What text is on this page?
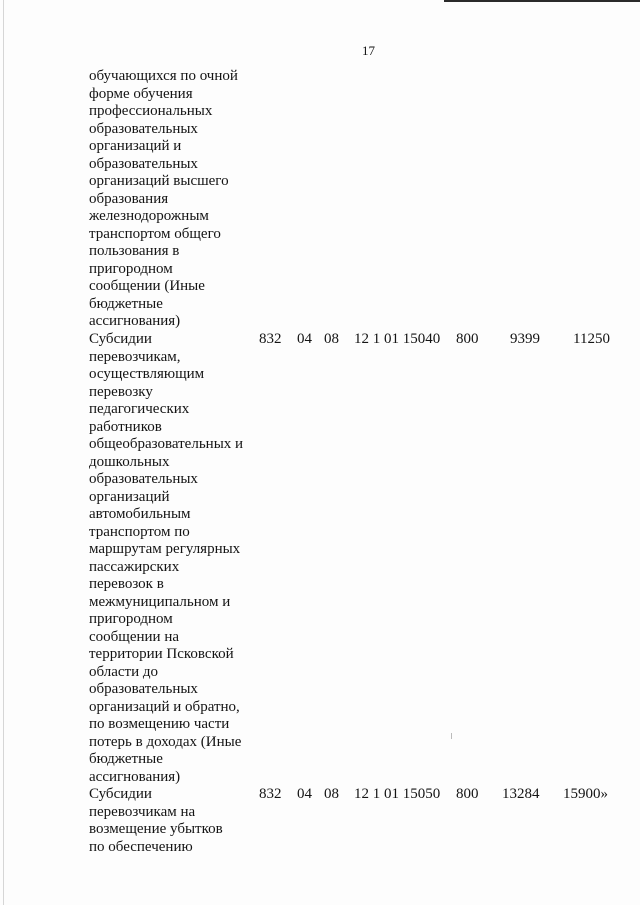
17
обучающихся по очной
форме обучения
профессиональных
образовательных
организаций и
образовательных
организаций высшего
образования
железнодорожным
транспортом общего
пользования в
пригородном
сообщении (Иные
бюджетные
ассигнования)
Субсидии
перевозчикам,
осуществляющим
перевозку
педагогических
работников
общеобразовательных и
дошкольных
образовательных
организаций
автомобильным
транспортом по
маршрутам регулярных
пассажирских
перевозок в
межмуниципальном и
пригородном
сообщении на
территории Псковской
области до
образовательных
организаций и обратно,
по возмещению части
потерь в доходах (Иные
бюджетные
ассигнования)
832 04 08 12 1 01 15040 800 9399 11250
Субсидии
перевозчикам на
возмещение убытков
по обеспечению
832 04 08 12 1 01 15050 800 13284 15900»
